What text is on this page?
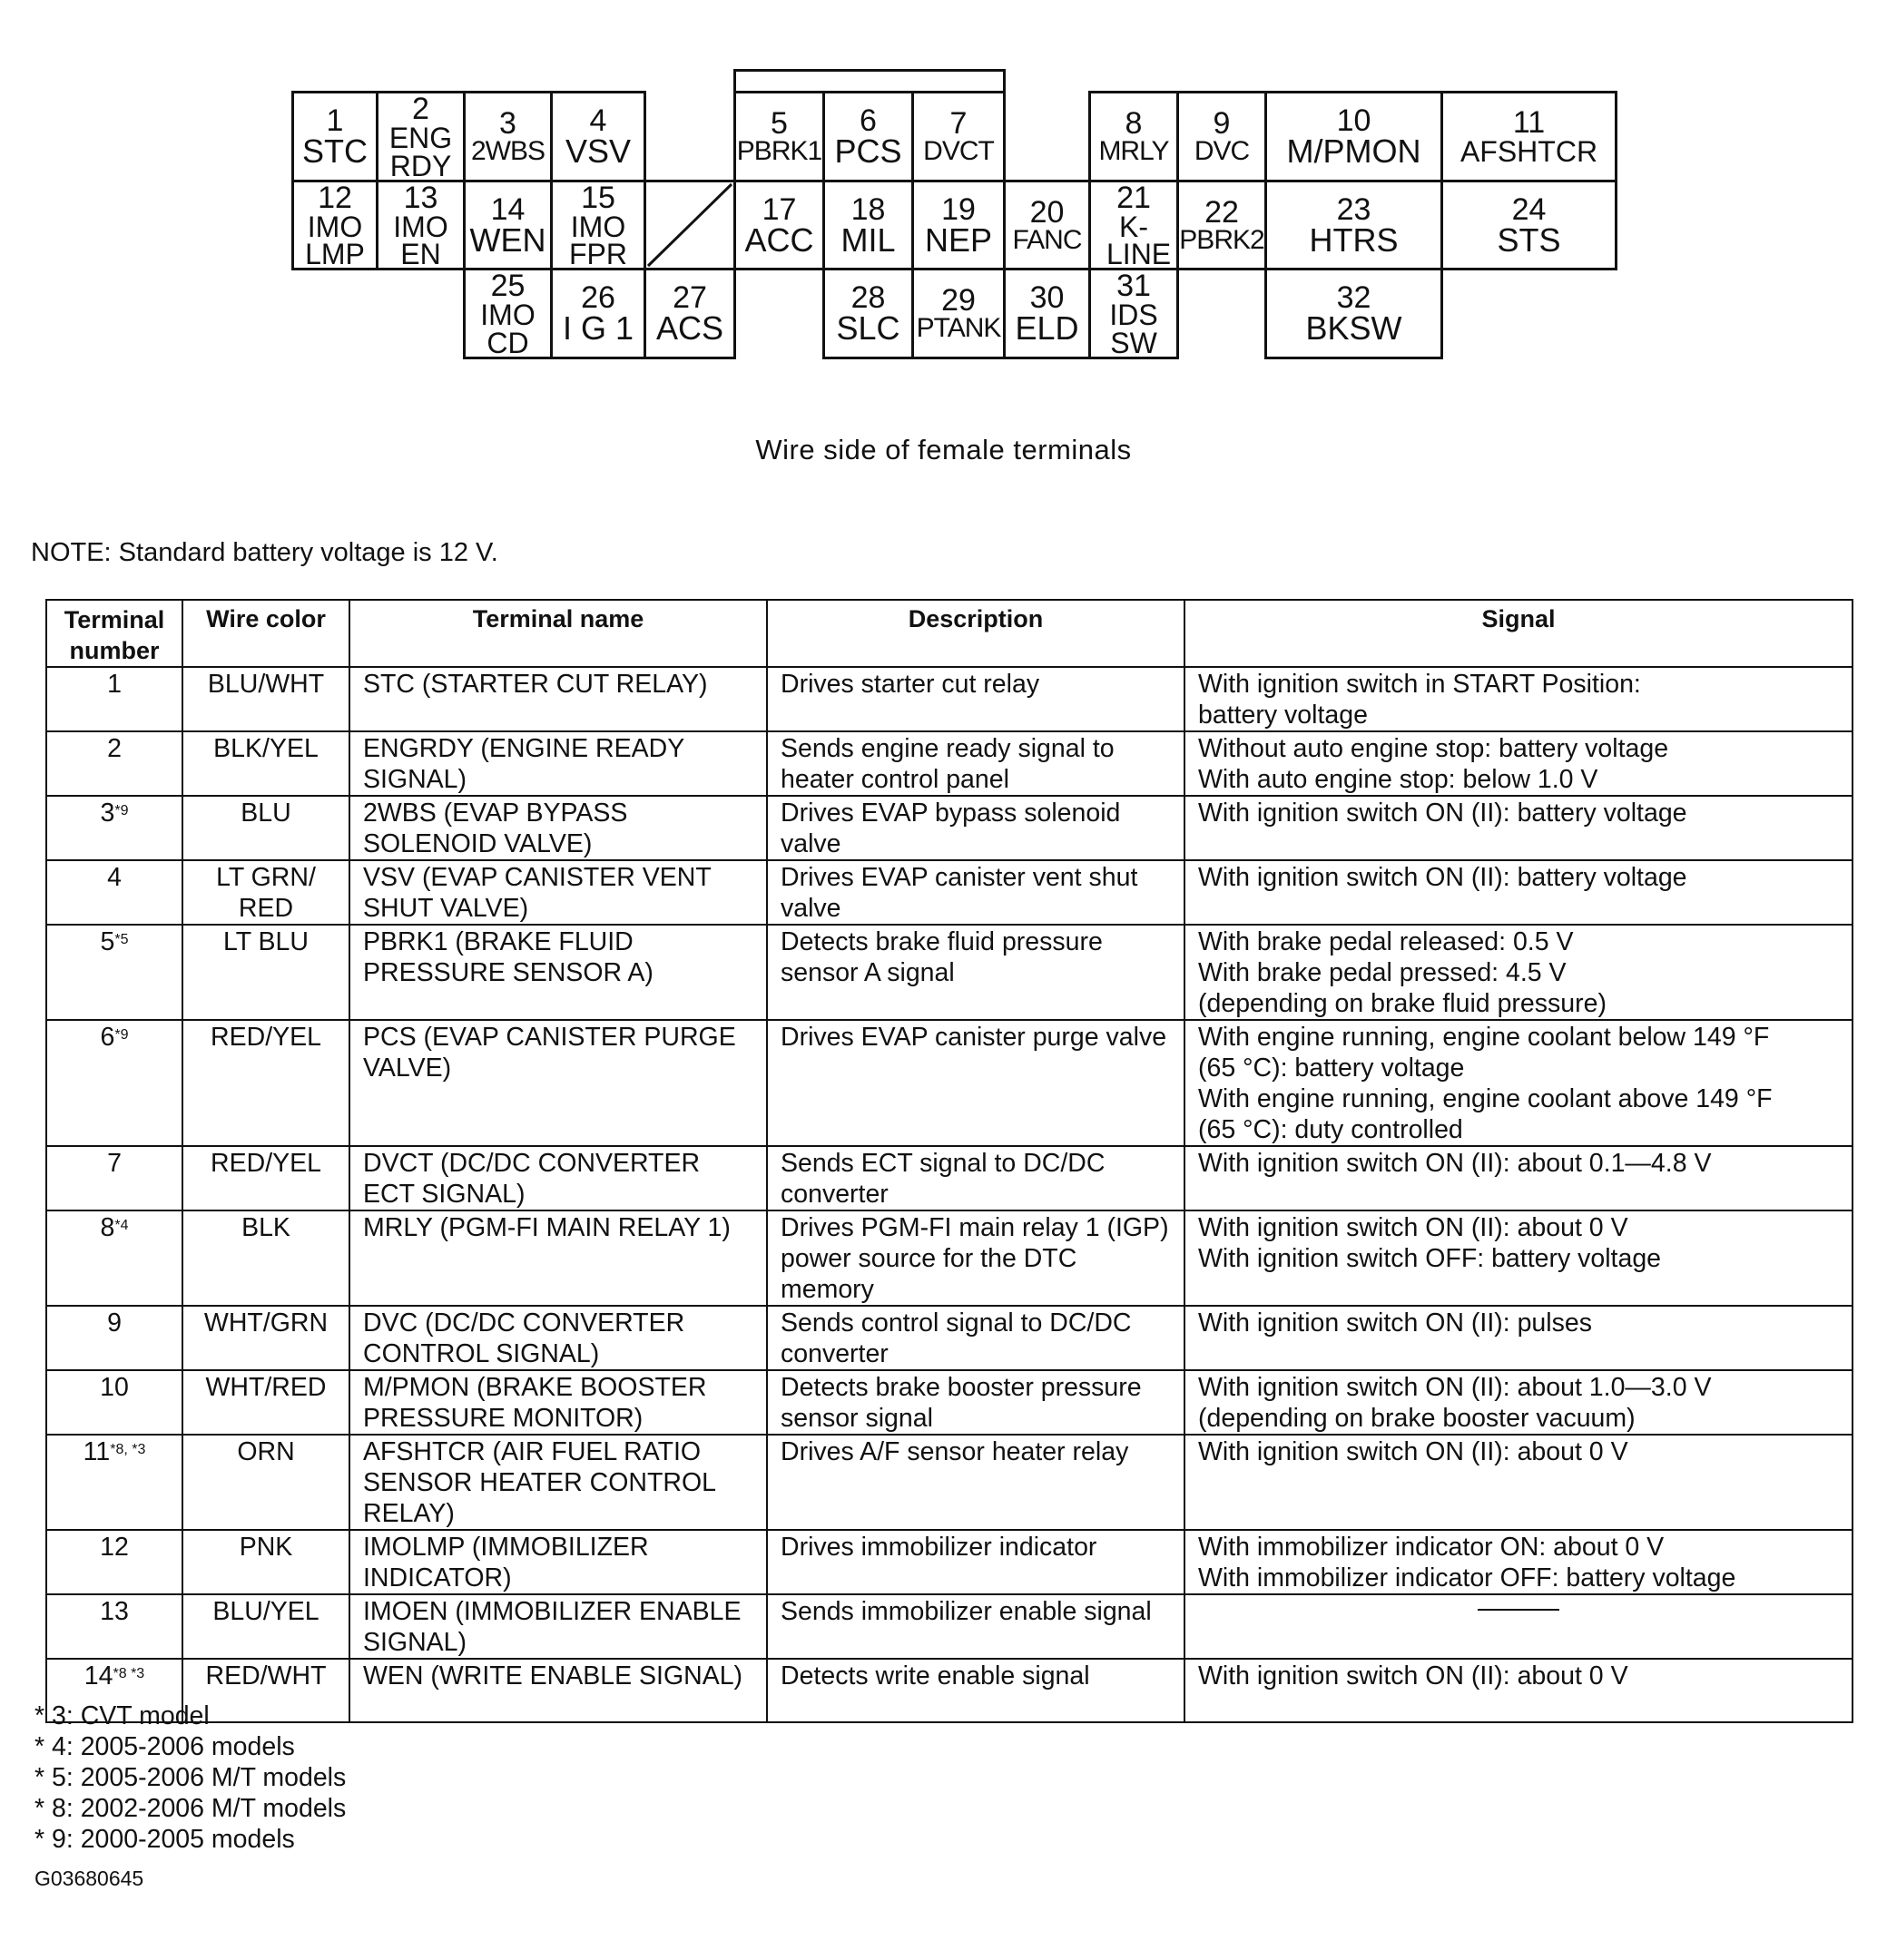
1
STC
2
ENG RDY
3
2WBS
4
VSV
5
PBRK1
6
PCS
7
DVCT
8
MRLY
9
DVC
10
M/PMON
11
AFSHTCR
12
IMO LMP
13
IMO EN
14
WEN
15
IMO FPR
17
ACC
18
MIL
19
NEP
20
FANC
21
K-LINE
22
PBRK2
23
HTRS
24
STS
25
IMO CD
26
I G 1
27
ACS
28
SLC
29
PTANK
30
ELD
31
IDS SW
32
BKSW
Wire side of female terminals
NOTE: Standard battery voltage is 12 V.
Terminal number	Wire color	Terminal name	Description	Signal
1	BLU/WHT	STC (STARTER CUT RELAY)	Drives starter cut relay	With ignition switch in START Position:
battery voltage

2	BLK/YEL	ENGRDY (ENGINE READY SIGNAL)	Sends engine ready signal to heater control panel	Without auto engine stop: battery voltage
With auto engine stop: below 1.0 V

3$^{*9}$	BLU	2WBS (EVAP BYPASS SOLENOID VALVE)	Drives EVAP bypass solenoid valve	With ignition switch ON (II): battery voltage

4	LT GRN/ RED	VSV (EVAP CANISTER VENT SHUT VALVE)	Drives EVAP canister vent shut valve	With ignition switch ON (II): battery voltage

5$^{*5}$	LT BLU	PBRK1 (BRAKE FLUID PRESSURE SENSOR A)	Detects brake fluid pressure sensor A signal	With brake pedal released: 0.5 V
With brake pedal pressed: 4.5 V
(depending on brake fluid pressure)

6$^{*9}$	RED/YEL	PCS (EVAP CANISTER PURGE VALVE)	Drives EVAP canister purge valve	With engine running, engine coolant below 149 °F
(65 °C): battery voltage
With engine running, engine coolant above 149 °F
(65 °C): duty controlled

7	RED/YEL	DVCT (DC/DC CONVERTER ECT SIGNAL)	Sends ECT signal to DC/DC converter	With ignition switch ON (II): about 0.1—4.8 V

8$^{*4}$	BLK	MRLY (PGM-FI MAIN RELAY 1)	Drives PGM-FI main relay 1 (IGP) power source for the DTC memory	With ignition switch ON (II): about 0 V
With ignition switch OFF: battery voltage

9	WHT/GRN	DVC (DC/DC CONVERTER CONTROL SIGNAL)	Sends control signal to DC/DC converter	With ignition switch ON (II): pulses

10	WHT/RED	M/PMON (BRAKE BOOSTER PRESSURE MONITOR)	Detects brake booster pressure sensor signal	With ignition switch ON (II): about 1.0—3.0 V
(depending on brake booster vacuum)

$11^{*8, *3}$	ORN	AFSHTCR (AIR FUEL RATIO SENSOR HEATER CONTROL RELAY)	Drives A/F sensor heater relay	With ignition switch ON (II): about 0 V

12	PNK	IMOLMP (IMMOBILIZER INDICATOR)	Drives immobilizer indicator	With immobilizer indicator ON: about 0 V
With immobilizer indicator OFF: battery voltage

13	BLU/YEL	IMOEN (IMMOBILIZER ENABLE SIGNAL)	Sends immobilizer enable signal	

$14^{*8 *3}$	RED/WHT	WEN (WRITE ENABLE SIGNAL)	Detects write enable signal	With ignition switch ON (II): about 0 V
* 3: CVT model
* 4: 2005-2006 models
* 5: 2005-2006 M/T models
* 8: 2002-2006 M/T models
* 9: 2000-2005 models
G03680645
